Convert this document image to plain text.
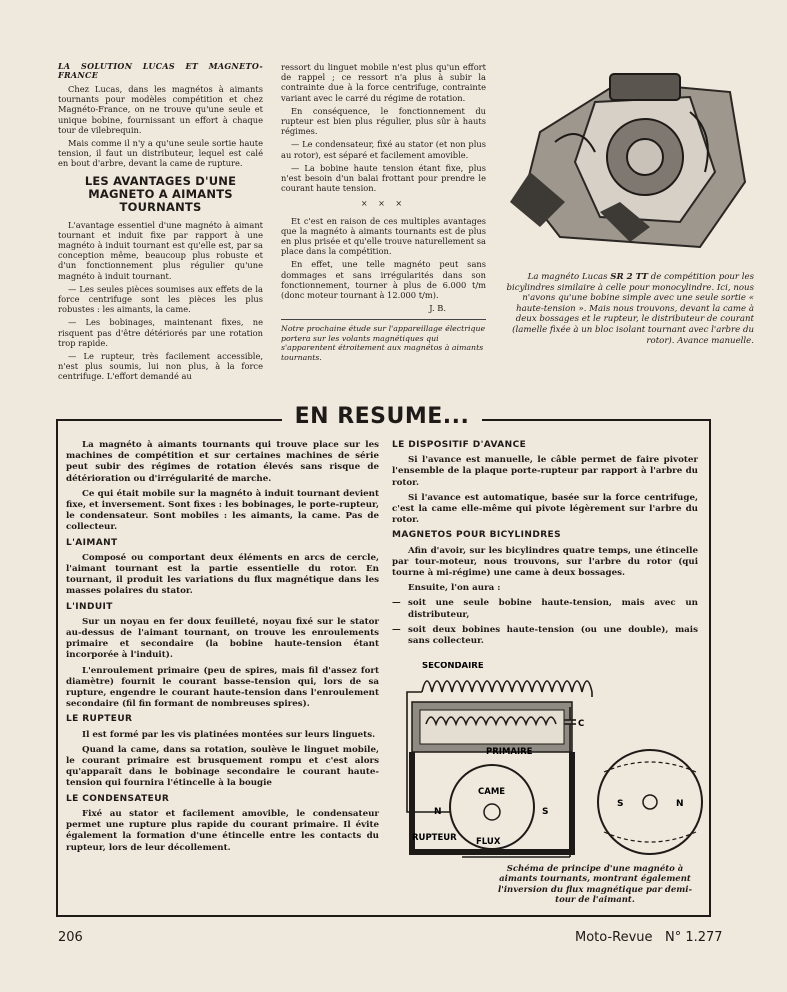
LA SOLUTION LUCAS ET MAGNETO-FRANCE

Chez Lucas, dans les magnétos à aimants tournants pour modèles compétition et chez Magnéto-France, on ne trouve qu'une seule et unique bobine, fournissant un effort à chaque tour de vilebrequin.

Mais comme il n'y a qu'une seule sortie haute tension, il faut un distributeur, lequel est calé en bout d'arbre, devant la came de rupture.

LES AVANTAGES D'UNE MAGNETO A AIMANTS TOURNANTS

L'avantage essentiel d'une magnéto à aimant tournant et induit fixe par rapport à une magnéto à induit tournant est qu'elle est, par sa conception même, beaucoup plus robuste et d'un fonctionnement plus régulier qu'une magnéto à induit tournant.

— Les seules pièces soumises aux effets de la force centrifuge sont les pièces les plus robustes : les aimants, la came.

— Les bobinages, maintenant fixes, ne risquent pas d'être détériorés par une rotation trop rapide.

— Le rupteur, très facilement accessible, n'est plus soumis, lui non plus, à la force centrifuge. L'effort demandé au

ressort du linguet mobile n'est plus qu'un effort de rappel ; ce ressort n'a plus à subir la contrainte due à la force centrifuge, contrainte variant avec le carré du régime de rotation.

En conséquence, le fonctionnement du rupteur est bien plus régulier, plus sûr à hauts régimes.

— Le condensateur, fixé au stator (et non plus au rotor), est séparé et facilement amovible.

— La bobine haute tension étant fixe, plus n'est besoin d'un balai frottant pour prendre le courant haute tension.

× × ×

Et c'est en raison de ces multiples avantages que la magnéto à aimants tournants est de plus en plus prisée et qu'elle trouve naturellement sa place dans la compétition.

En effet, une telle magnéto peut sans dommages et sans irrégularités dans son fonctionnement, tourner à plus de 6.000 t/m (donc moteur tournant à 12.000 t/m).

J. B.
Notre prochaine étude sur l'appareillage électrique portera sur les volants magnétiques qui s'apparentent étroitement aux magnétos à aimants tournants.
La magnéto Lucas SR 2 TT de compétition pour les bicylindres similaire à celle pour monocylindre. Ici, nous n'avons qu'une bobine simple avec une seule sortie « haute-tension ». Mais nous trouvons, devant la came à deux bossages et le rupteur, le distributeur de courant (lamelle fixée à un bloc isolant tournant avec l'arbre du rotor). Avance manuelle.
EN RESUME...

La magnéto à aimants tournants qui trouve place sur les machines de compétition et sur certaines machines de série peut subir des régimes de rotation élevés sans risque de détérioration ou d'irrégularité de marche.

Ce qui était mobile sur la magnéto à induit tournant devient fixe, et inversement. Sont fixes : les bobinages, le porte-rupteur, le condensateur. Sont mobiles : les aimants, la came. Pas de collecteur.

L'AIMANT

Composé ou comportant deux éléments en arcs de cercle, l'aimant tournant est la partie essentielle du rotor. En tournant, il produit les variations du flux magnétique dans les masses polaires du stator.

L'INDUIT

Sur un noyau en fer doux feuilleté, noyau fixé sur le stator au-dessus de l'aimant tournant, on trouve les enroulements primaire et secondaire (la bobine haute-tension étant incorporée à l'induit).

L'enroulement primaire (peu de spires, mais fil d'assez fort diamètre) fournit le courant basse-tension qui, lors de sa rupture, engendre le courant haute-tension dans l'enroulement secondaire (fil fin formant de nombreuses spires).

LE RUPTEUR

Il est formé par les vis platinées montées sur leurs linguets.

Quand la came, dans sa rotation, soulève le linguet mobile, le courant primaire est brusquement rompu et c'est alors qu'apparaît dans le bobinage secondaire le courant haute-tension qui fournira l'étincelle à la bougie

LE CONDENSATEUR

Fixé au stator et facilement amovible, le condensateur permet une rupture plus rapide du courant primaire. Il évite également la formation d'une étincelle entre les contacts du rupteur, lors de leur décollement.

LE DISPOSITIF D'AVANCE

Si l'avance est manuelle, le câble permet de faire pivoter l'ensemble de la plaque porte-rupteur par rapport à l'arbre du rotor.

Si l'avance est automatique, basée sur la force centrifuge, c'est la came elle-même qui pivote légèrement sur l'arbre du rotor.

MAGNETOS POUR BICYLINDRES

Afin d'avoir, sur les bicylindres quatre temps, une étincelle par tour-moteur, nous trouvons, sur l'arbre du rotor (qui tourne à mi-régime) une came à deux bossages.

Ensuite, l'on aura :

— soit une seule bobine haute-tension, mais avec un distributeur,

— soit deux bobines haute-tension (ou une double), mais sans collecteur.

SECONDAIRE
PRIMAIRE
CAME
N	S
RUPTEUR FLUX
C
S	N
Schéma de principe d'une magnéto à aimants tournants, montrant également l'inversion du flux magnétique par demi-tour de l'aimant.
206	Moto-Revue N° 1.277
